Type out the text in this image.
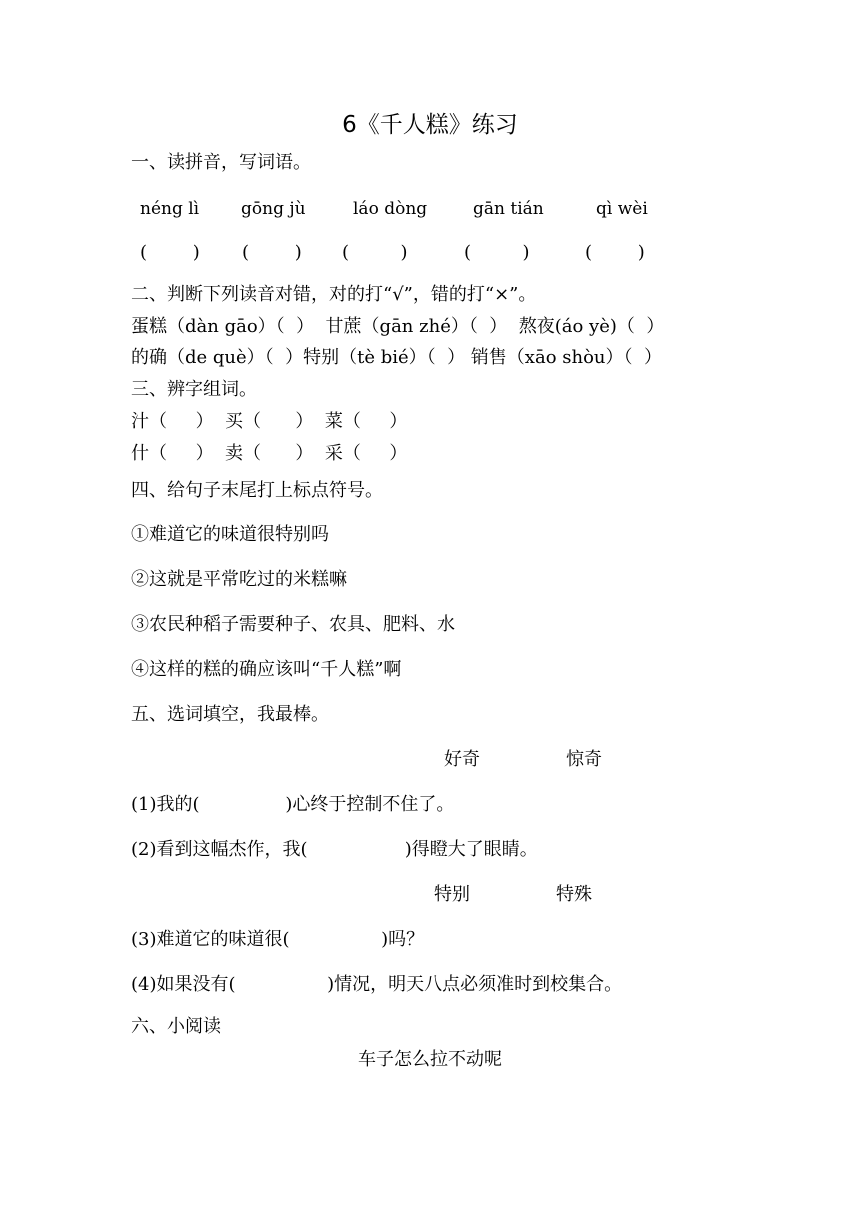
6《千人糕》练习
一、读拼音，写词语。
néng lì gōng jù	láo dòng	gān tián	qì wèi
(        ) (        ) (         )	(         )	(        )
二、判断下列读音对错，对的打“√”，错的打“×”。
蛋糕（dàn gāo）（  ）  甘蔗（gān zhé）（  ）  熬夜(áo yè)（  ）
的确（de què）（  ）特别（tè bié）（  ） 销售（xāo shòu）（  ）
三、辨字组词。
汁（     ）  买（      ）  菜（     ）
什（     ）  卖（      ）  采（     ）
四、给句子末尾打上标点符号。
①难道它的味道很特别吗
②这就是平常吃过的米糕嘛
③农民种稻子需要种子、农具、肥料、水
④这样的糕的确应该叫“千人糕”啊
五、选词填空，我最棒。
好奇	惊奇
(1)我的(               )心终于控制不住了。
(2)看到这幅杰作，我(                 )得瞪大了眼睛。
特别	特殊
(3)难道它的味道很(                )吗？
(4)如果没有(                )情况，明天八点必须准时到校集合。
六、小阅读
车子怎么拉不动呢
